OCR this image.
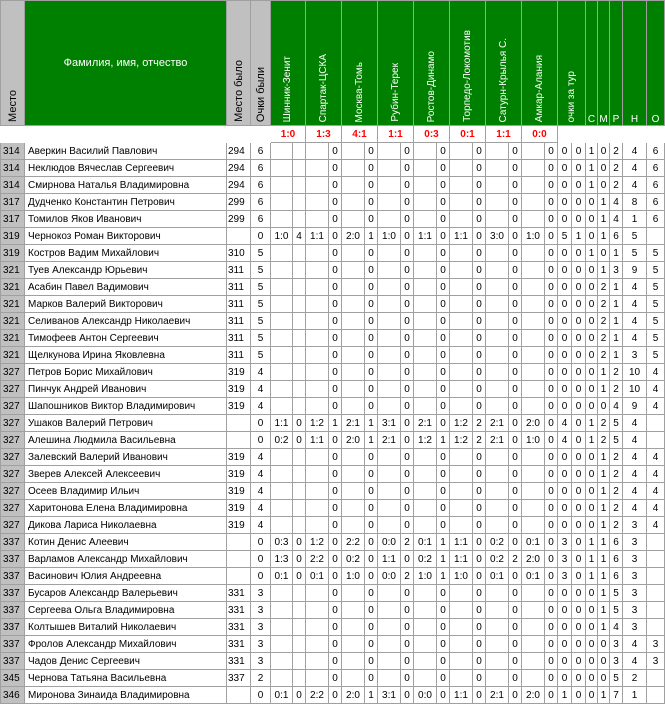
Место	Фамилия, имя, отчество	Место было	Очки были	Шинник-Зенит		Спартак-ЦСКА		Москва-Томь		Рубин-Терек		Ростов-Динамо		Торпедо-Локомотив		Сатурн-Крылья С.		Амкар-Алания		очки за тур		С	М	Р	Н	О
				1:0		1:3		4:1		1:1		0:3		0:1		1:1		0:0								
314	Аверкин Василий Павлович	294	6				0		0		0		0		0		0		0	0	0	1	0	2	4	6
314	Неклюдов Вячеслав Сергеевич	294	6				0		0		0		0		0		0		0	0	0	1	0	2	4	6
314	Смирнова Наталья Владимировна	294	6				0		0		0		0		0		0		0	0	0	1	0	2	4	6
317	Дудченко Константин Петрович	299	6				0		0		0		0		0		0		0	0	0	0	1	4	8	6
317	Томилов Яков Иванович	299	6				0		0		0		0		0		0		0	0	0	0	1	4	1	6
319	Чернокоз Роман Викторович		0	1:0	4	1:1	0	2:0	1	1:0	0	1:1	0	1:1	0	3:0	0	1:0	0	5	1	0	1	6	5	
319	Костров Вадим Михайлович	310	5				0		0		0		0		0		0		0	0	0	1	0	1	5	5
321	Туев Александр Юрьевич	311	5				0		0		0		0		0		0		0	0	0	0	1	3	9	5
321	Асабин Павел Вадимович	311	5				0		0		0		0		0		0		0	0	0	0	2	1	4	5
321	Марков Валерий Викторович	311	5				0		0		0		0		0		0		0	0	0	0	2	1	4	5
321	Селиванов Александр Николаевич	311	5				0		0		0		0		0		0		0	0	0	0	2	1	4	5
321	Тимофеев Антон Сергеевич	311	5				0		0		0		0		0		0		0	0	0	0	2	1	4	5
321	Щелкунова Ирина Яковлевна	311	5				0		0		0		0		0		0		0	0	0	0	2	1	3	5
327	Петров Борис Михайлович	319	4				0		0		0		0		0		0		0	0	0	0	1	2	10	4
327	Пинчук Андрей Иванович	319	4				0		0		0		0		0		0		0	0	0	0	1	2	10	4
327	Шапошников Виктор Владимирович	319	4				0		0		0		0		0		0		0	0	0	0	0	4	9	4
327	Ушаков Валерий Петрович		0	1:1	0	1:2	1	2:1	1	3:1	0	2:1	0	1:2	2	2:1	0	2:0	0	4	0	1	2	5	4	
327	Алешина Людмила Васильевна		0	0:2	0	1:1	0	2:0	1	2:1	0	1:2	1	1:2	2	2:1	0	1:0	0	4	0	1	2	5	4	
327	Залевский Валерий Иванович	319	4				0		0		0		0		0		0		0	0	0	0	1	2	4	4
327	Зверев Алексей Алексеевич	319	4				0		0		0		0		0		0		0	0	0	0	1	2	4	4
327	Осеев Владимир Ильич	319	4				0		0		0		0		0		0		0	0	0	0	1	2	4	4
327	Харитонова Елена Владимировна	319	4				0		0		0		0		0		0		0	0	0	0	1	2	4	4
327	Дикова Лариса Николаевна	319	4				0		0		0		0		0		0		0	0	0	0	1	2	3	4
337	Котин Денис Алеевич		0	0:3	0	1:2	0	2:2	0	0:0	2	0:1	1	1:1	0	0:2	0	0:1	0	3	0	1	1	6	3	
337	Варламов Александр Михайлович		0	1:3	0	2:2	0	0:2	0	1:1	0	0:2	1	1:1	0	0:2	2	2:0	0	3	0	1	1	6	3	
337	Васинович Юлия Андреевна		0	0:1	0	0:1	0	1:0	0	0:0	2	1:0	1	1:0	0	0:1	0	0:1	0	3	0	1	1	6	3	
337	Бусаров Александр Валерьевич	331	3				0		0		0		0		0		0		0	0	0	0	1	5	3	
337	Сергеева Ольга Владимировна	331	3				0		0		0		0		0		0		0	0	0	0	1	5	3	
337	Колтышев Виталий Николаевич	331	3				0		0		0		0		0		0		0	0	0	0	1	4	3	
337	Фролов Александр Михайлович	331	3				0		0		0		0		0		0		0	0	0	0	0	3	4	3
337	Чадов Денис Сергеевич	331	3				0		0		0		0		0		0		0	0	0	0	0	3	4	3
345	Чернова Татьяна Васильевна	337	2				0		0		0		0		0		0		0	0	0	0	0	5	2	
346	Миронова Зинаида Владимировна		0	0:1	0	2:2	0	2:0	1	3:1	0	0:0	0	1:1	0	2:1	0	2:0	0	1	0	0	1	7	1	
